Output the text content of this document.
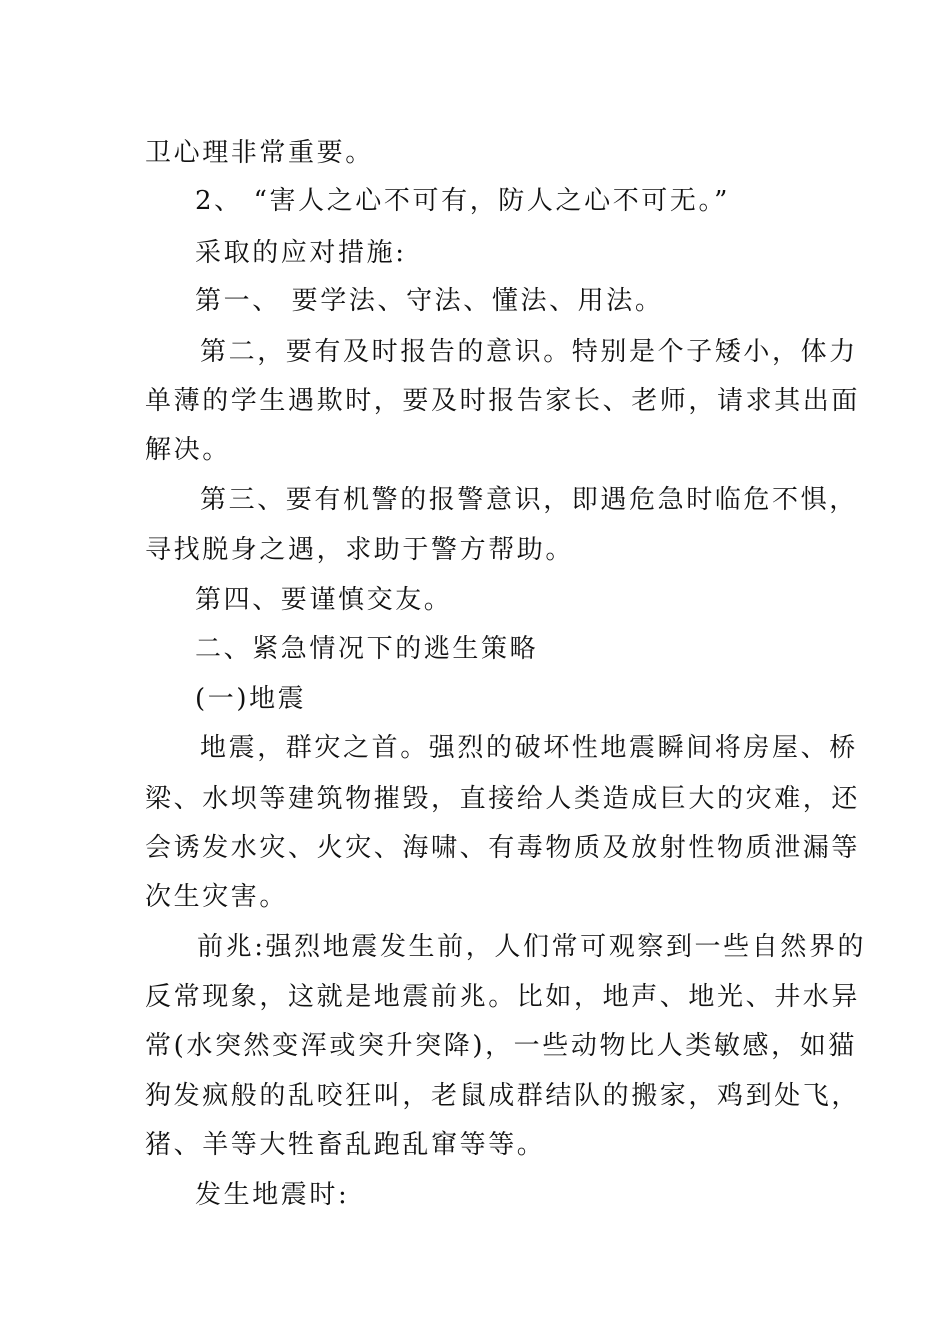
卫心理非常重要。
2、 “害人之心不可有，防人之心不可无。”
采取的应对措施:
第一、 要学法、守法、懂法、用法。
第二，要有及时报告的意识。特别是个子矮小，体力
单薄的学生遇欺时，要及时报告家长、老师，请求其出面
解决。
第三、要有机警的报警意识，即遇危急时临危不惧，
寻找脱身之遇，求助于警方帮助。
第四、要谨慎交友。
二、紧急情况下的逃生策略
(一)地震
地震，群灾之首。强烈的破坏性地震瞬间将房屋、桥
梁、水坝等建筑物摧毁，直接给人类造成巨大的灾难，还
会诱发水灾、火灾、海啸、有毒物质及放射性物质泄漏等
次生灾害。
前兆:强烈地震发生前，人们常可观察到一些自然界的
反常现象，这就是地震前兆。比如，地声、地光、井水异
常(水突然变浑或突升突降)，一些动物比人类敏感，如猫
狗发疯般的乱咬狂叫，老鼠成群结队的搬家，鸡到处飞，
猪、羊等大牲畜乱跑乱窜等等。
发生地震时:
